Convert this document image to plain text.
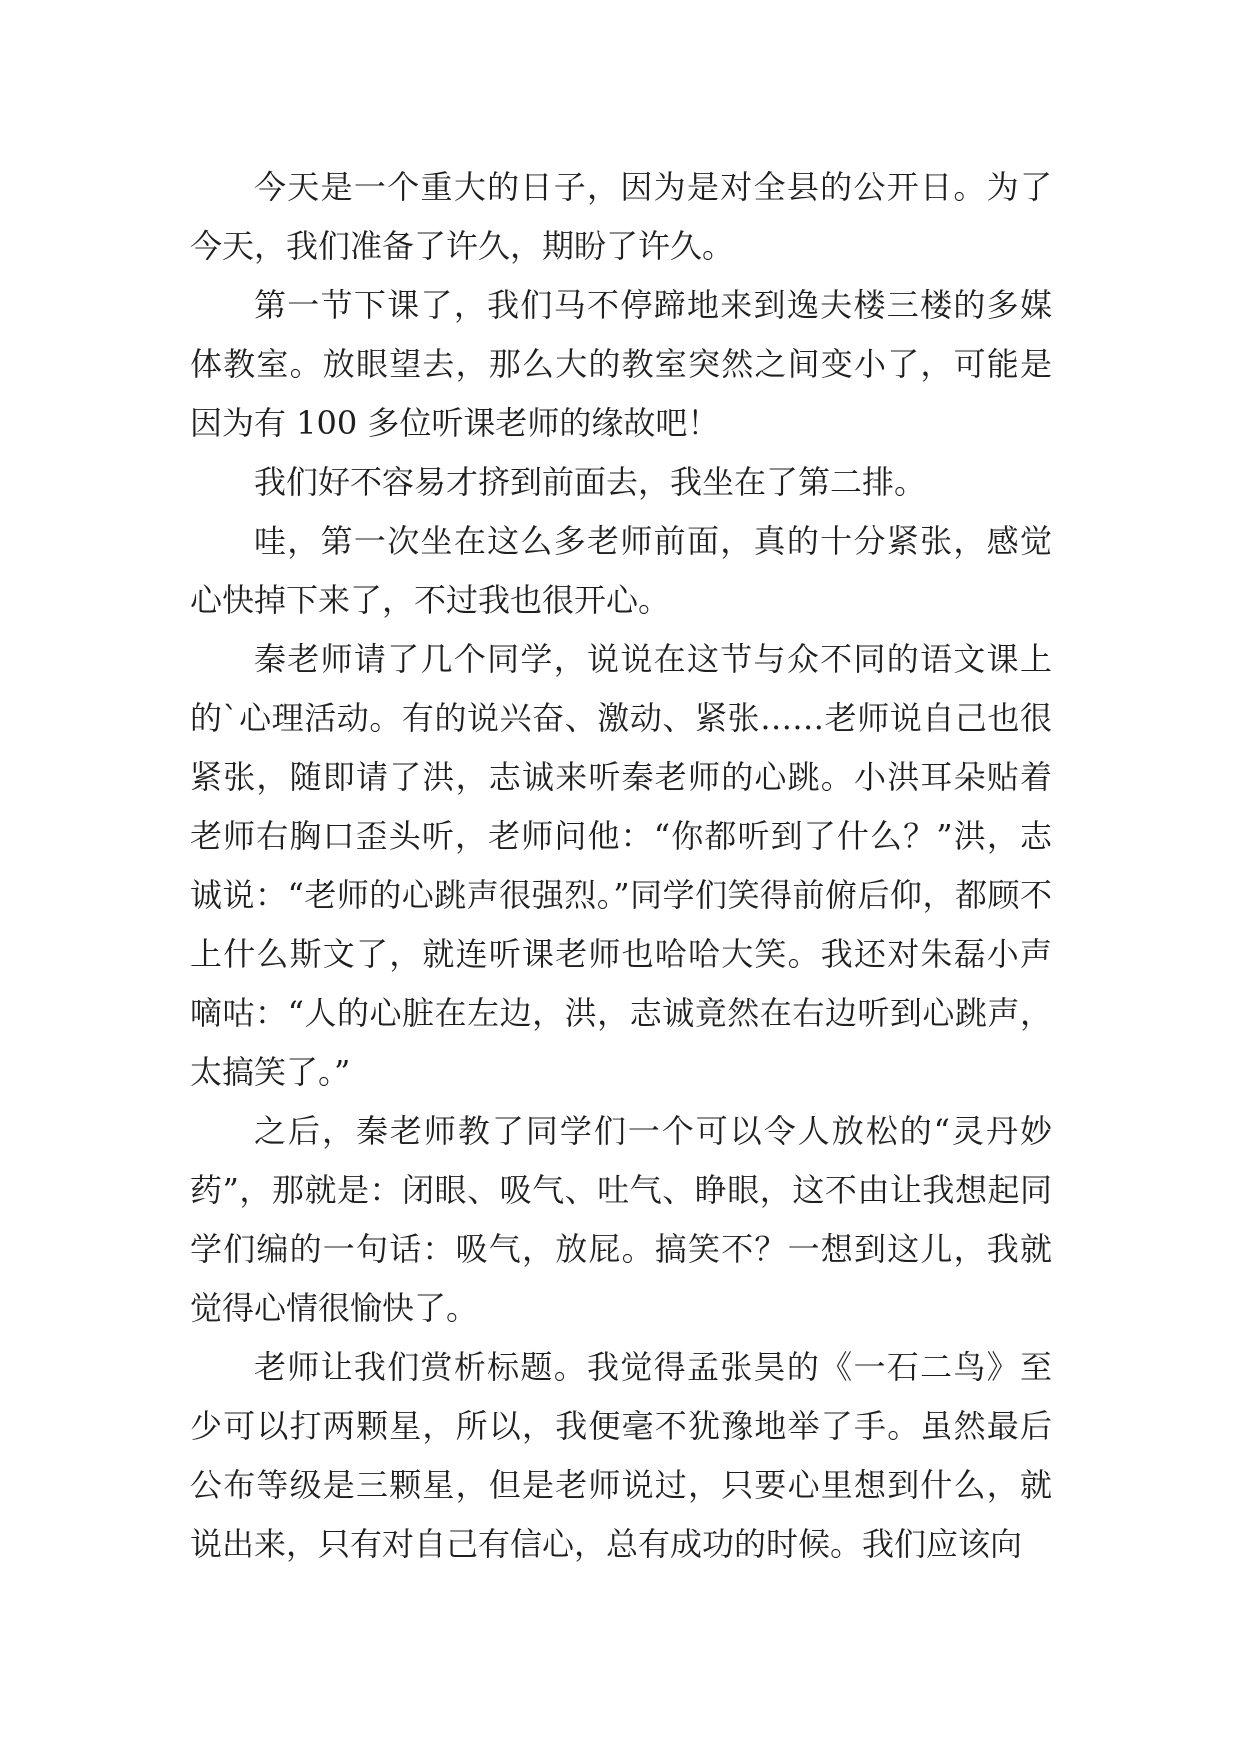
今天是一个重大的日子，因为是对全县的公开日。为了今天，我们准备了许久，期盼了许久。

第一节下课了，我们马不停蹄地来到逸夫楼三楼的多媒体教室。放眼望去，那么大的教室突然之间变小了，可能是因为有 100 多位听课老师的缘故吧！

我们好不容易才挤到前面去，我坐在了第二排。

哇，第一次坐在这么多老师前面，真的十分紧张，感觉心快掉下来了，不过我也很开心。

秦老师请了几个同学，说说在这节与众不同的语文课上的`心理活动。有的说兴奋、激动、紧张……老师说自己也很紧张，随即请了洪，志诚来听秦老师的心跳。小洪耳朵贴着老师右胸口歪头听，老师问他：“你都听到了什么？”洪，志诚说：“老师的心跳声很强烈。”同学们笑得前俯后仰，都顾不上什么斯文了，就连听课老师也哈哈大笑。我还对朱磊小声嘀咕：“人的心脏在左边，洪，志诚竟然在右边听到心跳声，太搞笑了。”

之后，秦老师教了同学们一个可以令人放松的“灵丹妙药”，那就是：闭眼、吸气、吐气、睁眼，这不由让我想起同学们编的一句话：吸气，放屁。搞笑不？一想到这儿，我就觉得心情很愉快了。

老师让我们赏析标题。我觉得孟张昊的《一石二鸟》至少可以打两颗星，所以，我便毫不犹豫地举了手。虽然最后公布等级是三颗星，但是老师说过，只要心里想到什么，就说出来，只有对自己有信心，总有成功的时候。我们应该向
